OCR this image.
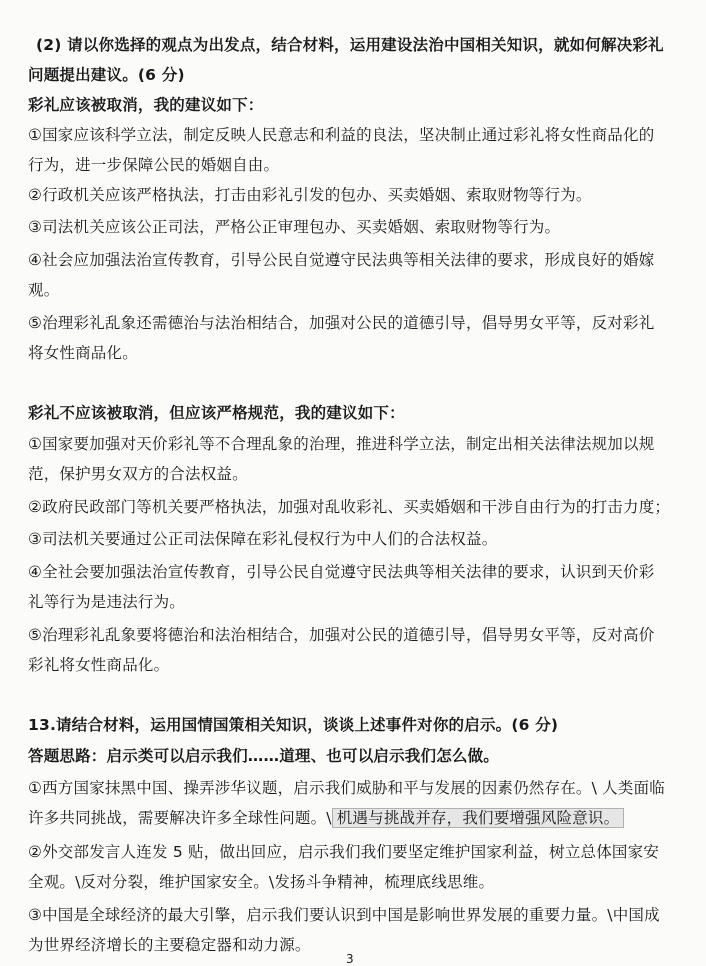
(2) 请以你选择的观点为出发点，结合材料，运用建设法治中国相关知识，就如何解决彩礼
问题提出建议。(6 分)
彩礼应该被取消，我的建议如下：
①国家应该科学立法，制定反映人民意志和利益的良法，坚决制止通过彩礼将女性商品化的
行为，进一步保障公民的婚姻自由。
②行政机关应该严格执法，打击由彩礼引发的包办、买卖婚姻、索取财物等行为。
③司法机关应该公正司法，严格公正审理包办、买卖婚姻、索取财物等行为。
④社会应加强法治宣传教育，引导公民自觉遵守民法典等相关法律的要求，形成良好的婚嫁
观。
⑤治理彩礼乱象还需德治与法治相结合，加强对公民的道德引导，倡导男女平等，反对彩礼
将女性商品化。
彩礼不应该被取消，但应该严格规范，我的建议如下：
①国家要加强对天价彩礼等不合理乱象的治理，推进科学立法，制定出相关法律法规加以规
范，保护男女双方的合法权益。
②政府民政部门等机关要严格执法，加强对乱收彩礼、买卖婚姻和干涉自由行为的打击力度；
③司法机关要通过公正司法保障在彩礼侵权行为中人们的合法权益。
④全社会要加强法治宣传教育，引导公民自觉遵守民法典等相关法律的要求，认识到天价彩
礼等行为是违法行为。
⑤治理彩礼乱象要将德治和法治相结合，加强对公民的道德引导，倡导男女平等，反对高价
彩礼将女性商品化。
13.请结合材料，运用国情国策相关知识，谈谈上述事件对你的启示。(6 分)
答题思路：启示类可以启示我们……道理、也可以启示我们怎么做。
①西方国家抹黑中国、操弄涉华议题，启示我们威胁和平与发展的因素仍然存在。\ 人类面临
许多共同挑战，需要解决许多全球性问题。\ 机遇与挑战并存，我们要增强风险意识。
②外交部发言人连发 5 贴，做出回应，启示我们我们要坚定维护国家利益，树立总体国家安
全观。\反对分裂，维护国家安全。\发扬斗争精神，梳理底线思维。
③中国是全球经济的最大引擎，启示我们要认识到中国是影响世界发展的重要力量。\中国成
为世界经济增长的主要稳定器和动力源。
3
